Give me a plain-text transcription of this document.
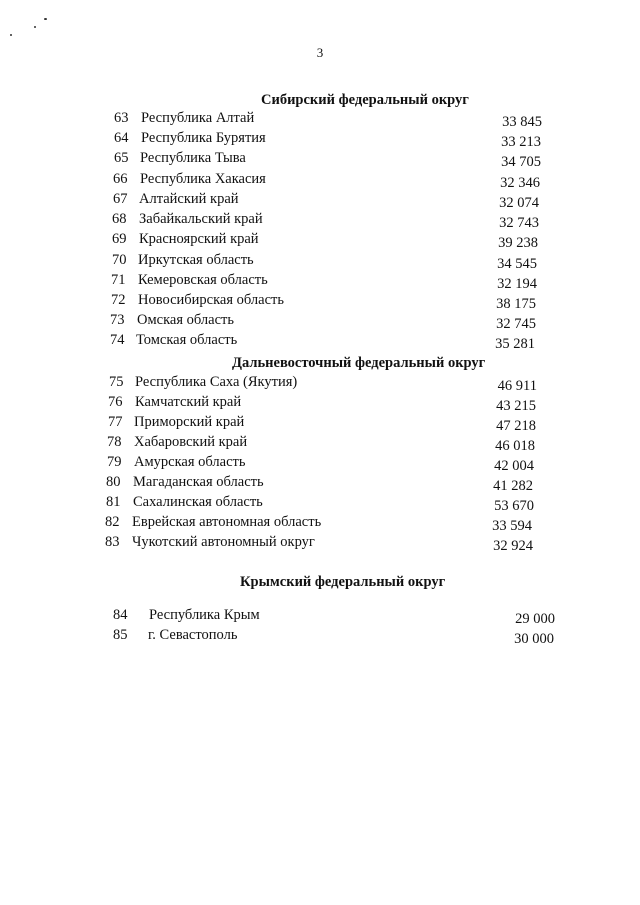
3
Сибирский федеральный округ
63 Республика Алтай	33 845
64 Республика Бурятия	33 213
65 Республика Тыва	34 705
66 Республика Хакасия	32 346
67 Алтайский край	32 074
68 Забайкальский край	32 743
69 Красноярский край	39 238
70 Иркутская область	34 545
71 Кемеровская область	32 194
72 Новосибирская область	38 175
73 Омская область	32 745
74 Томская область	35 281
Дальневосточный федеральный округ
75 Республика Саха (Якутия)	46 911
76 Камчатский край	43 215
77 Приморский край	47 218
78 Хабаровский край	46 018
79 Амурская область	42 004
80 Магаданская область	41 282
81 Сахалинская область	53 670
82 Еврейская автономная область	33 594
83 Чукотский автономный округ	32 924
Крымский федеральный округ
84 Республика Крым	29 000
85 г. Севастополь	30 000
